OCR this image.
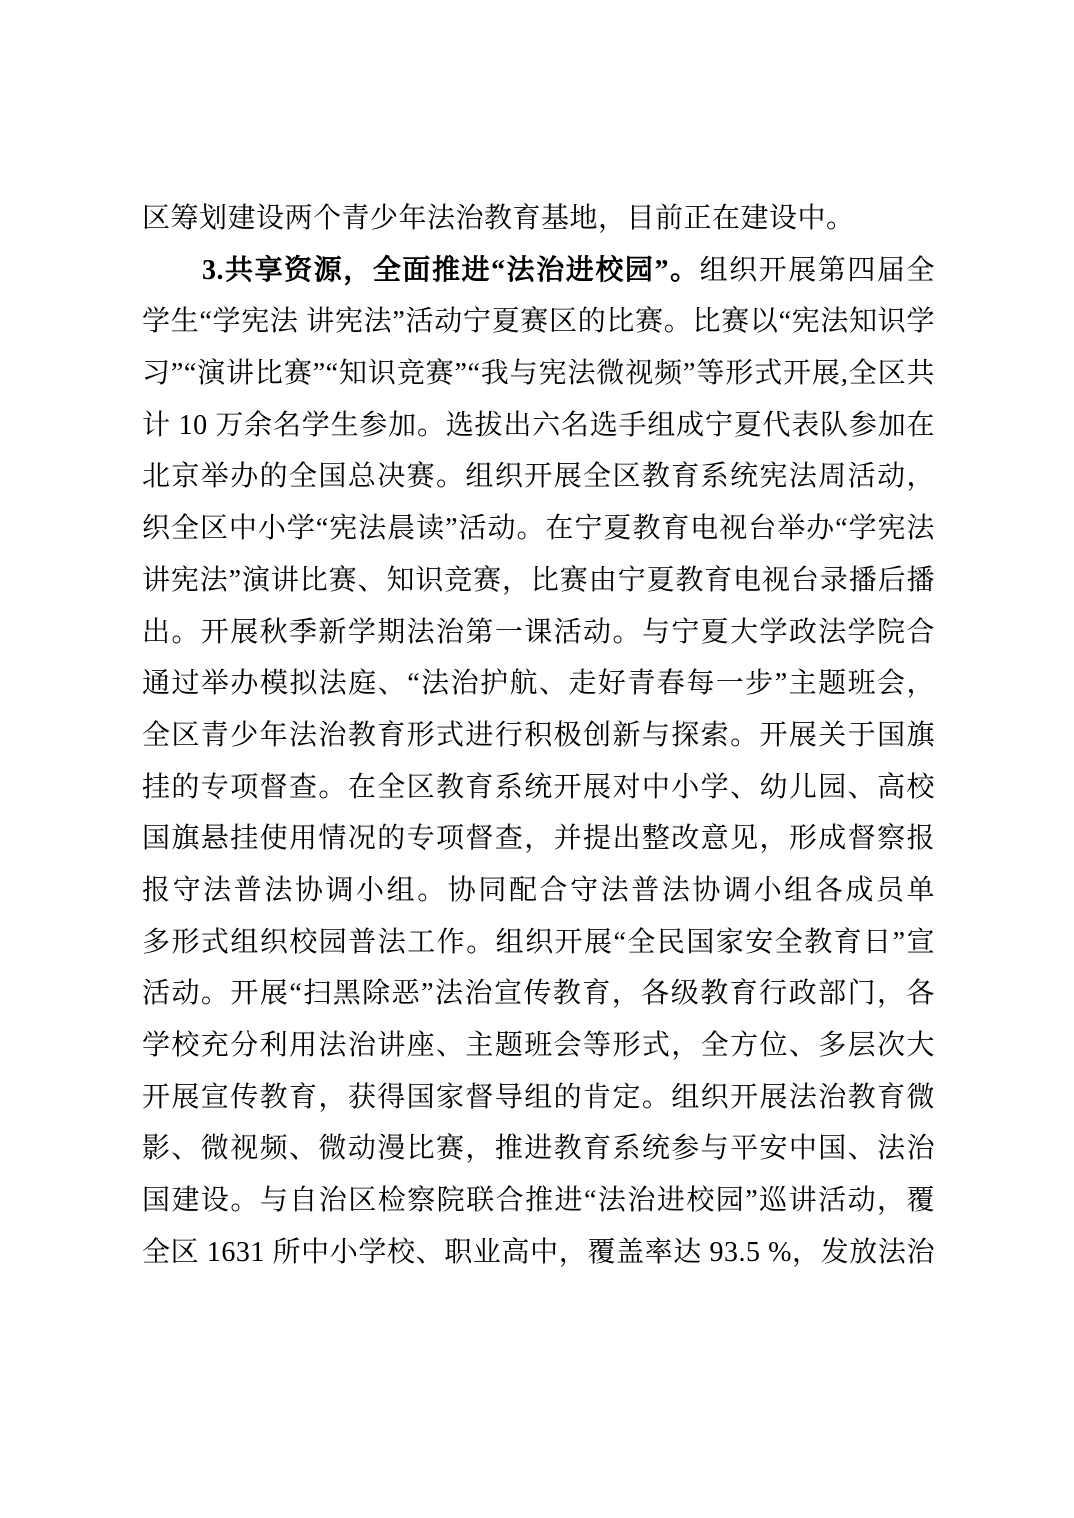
区筹划建设两个青少年法治教育基地，目前正在建设中。
3.共享资源，全面推进“法治进校园”。组织开展第四届全
学生“学宪法 讲宪法”活动宁夏赛区的比赛。比赛以“宪法知识学
习”“演讲比赛”“知识竞赛”“我与宪法微视频”等形式开展,全区共
计 10 万余名学生参加。选拔出六名选手组成宁夏代表队参加在
北京举办的全国总决赛。组织开展全区教育系统宪法周活动，
织全区中小学“宪法晨读”活动。在宁夏教育电视台举办“学宪法
讲宪法”演讲比赛、知识竞赛，比赛由宁夏教育电视台录播后播
出。开展秋季新学期法治第一课活动。与宁夏大学政法学院合
通过举办模拟法庭、“法治护航、走好青春每一步”主题班会，
全区青少年法治教育形式进行积极创新与探索。开展关于国旗
挂的专项督查。在全区教育系统开展对中小学、幼儿园、高校
国旗悬挂使用情况的专项督查，并提出整改意见，形成督察报
报守法普法协调小组。协同配合守法普法协调小组各成员单
多形式组织校园普法工作。组织开展“全民国家安全教育日”宣
活动。开展“扫黑除恶”法治宣传教育，各级教育行政部门，各
学校充分利用法治讲座、主题班会等形式，全方位、多层次大
开展宣传教育，获得国家督导组的肯定。组织开展法治教育微
影、微视频、微动漫比赛，推进教育系统参与平安中国、法治
国建设。与自治区检察院联合推进“法治进校园”巡讲活动，覆
全区 1631 所中小学校、职业高中，覆盖率达 93.5 %，发放法治
